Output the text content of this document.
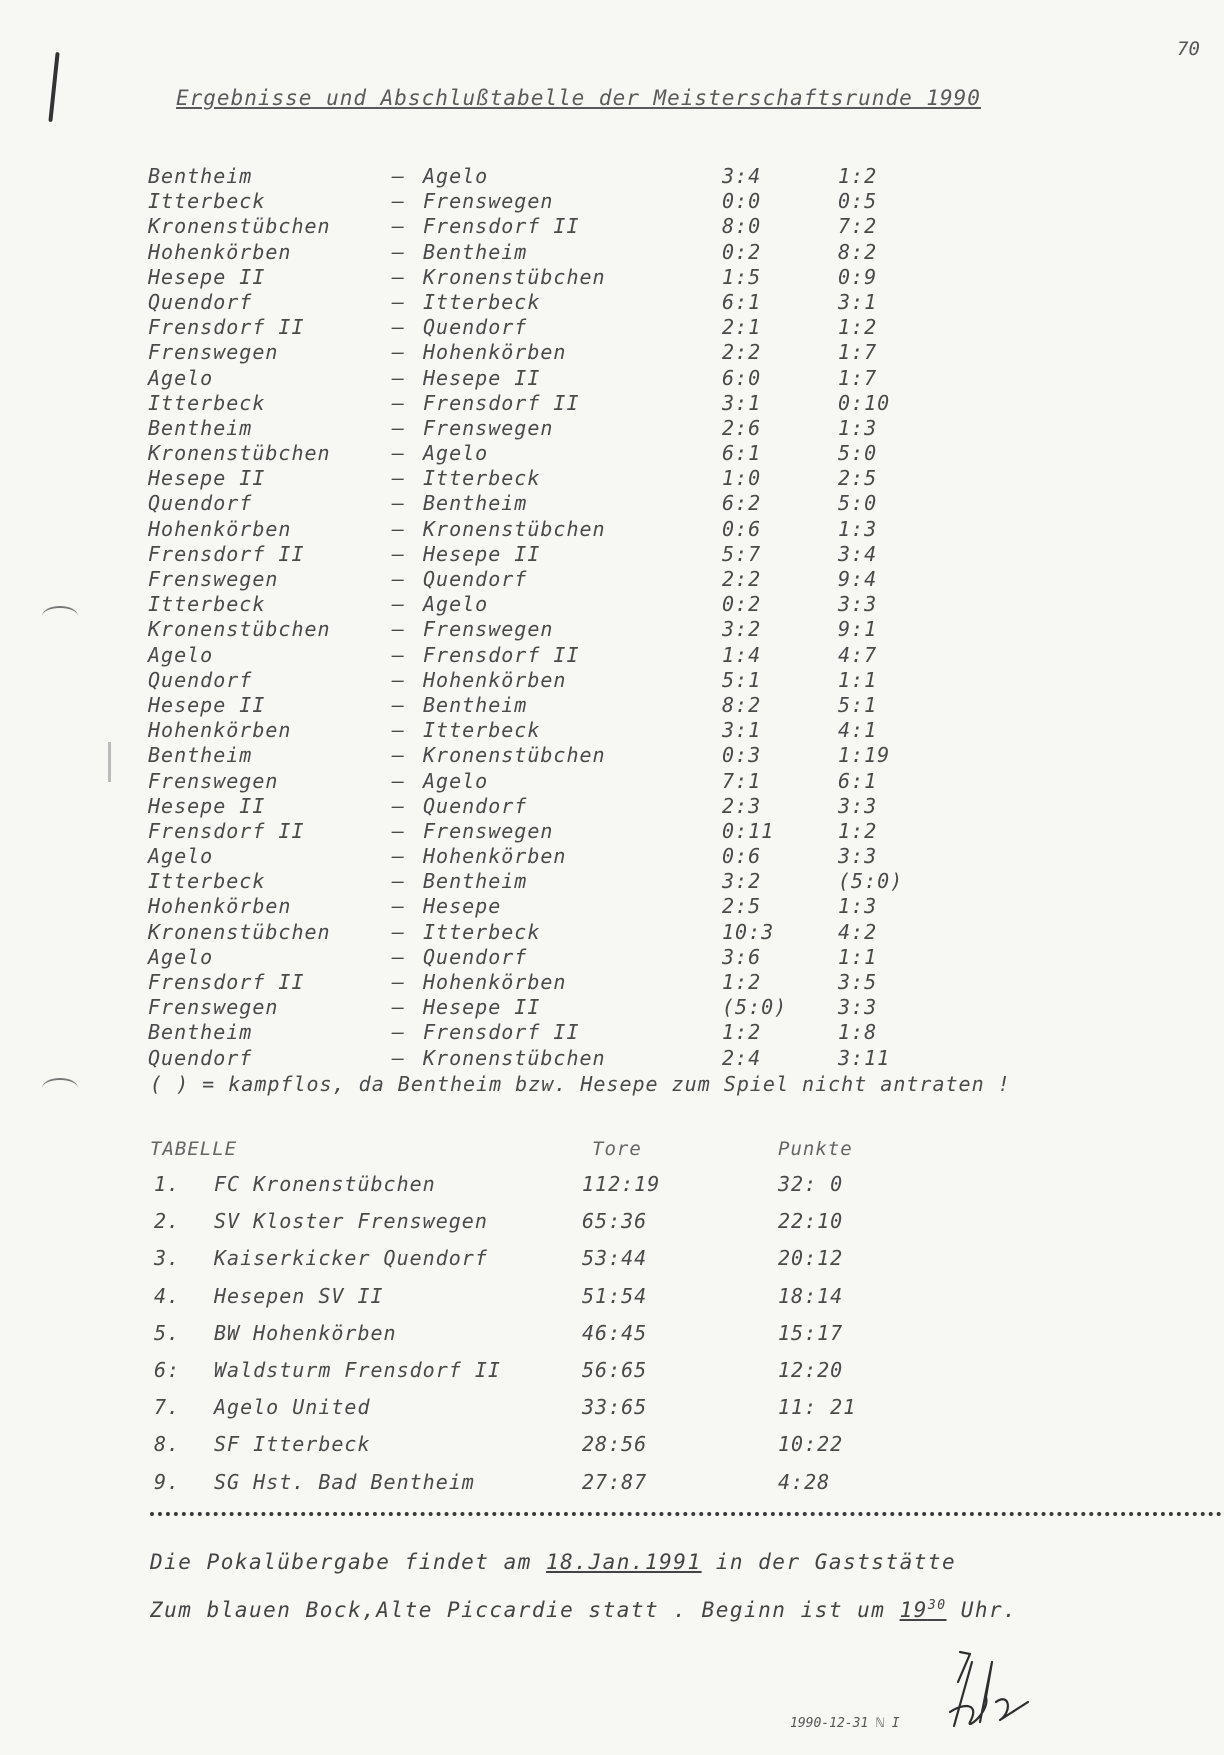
70
Ergebnisse und Abschlußtabelle der Meisterschaftsrunde 1990
Bentheim	– Agelo	3:4	1:2
Itterbeck	– Frenswegen	0:0	0:5
Kronenstübchen	– Frensdorf II	8:0	7:2
Hohenkörben	– Bentheim	0:2	8:2
Hesepe II	– Kronenstübchen	1:5	0:9
Quendorf	– Itterbeck	6:1	3:1
Frensdorf II	– Quendorf	2:1	1:2
Frenswegen	– Hohenkörben	2:2	1:7
Agelo	– Hesepe II	6:0	1:7
Itterbeck	– Frensdorf II	3:1	0:10
Bentheim	– Frenswegen	2:6	1:3
Kronenstübchen	– Agelo	6:1	5:0
Hesepe II	– Itterbeck	1:0	2:5
Quendorf	– Bentheim	6:2	5:0
Hohenkörben	– Kronenstübchen	0:6	1:3
Frensdorf II	– Hesepe II	5:7	3:4
Frenswegen	– Quendorf	2:2	9:4
Itterbeck	– Agelo	0:2	3:3
Kronenstübchen	– Frenswegen	3:2	9:1
Agelo	– Frensdorf II	1:4	4:7
Quendorf	– Hohenkörben	5:1	1:1
Hesepe II	– Bentheim	8:2	5:1
Hohenkörben	– Itterbeck	3:1	4:1
Bentheim	– Kronenstübchen	0:3	1:19
Frenswegen	– Agelo	7:1	6:1
Hesepe II	– Quendorf	2:3	3:3
Frensdorf II	– Frenswegen	0:11	1:2
Agelo	– Hohenkörben	0:6	3:3
Itterbeck	– Bentheim	3:2	(5:0)
Hohenkörben	– Hesepe	2:5	1:3
Kronenstübchen	– Itterbeck	10:3	4:2
Agelo	– Quendorf	3:6	1:1
Frensdorf II	– Hohenkörben	1:2	3:5
Frenswegen	– Hesepe II	(5:0)	3:3
Bentheim	– Frensdorf II	1:2	1:8
Quendorf	– Kronenstübchen	2:4	3:11
( ) = kampflos, da Bentheim bzw. Hesepe zum Spiel nicht antraten !
TABELLE	Tore	Punkte
1. FC Kronenstübchen	112:19	32: 0
2. SV Kloster Frenswegen	65:36	22:10
3. Kaiserkicker Quendorf	53:44	20:12
4. Hesepen SV II	51:54	18:14
5. BW Hohenkörben	46:45	15:17
6: Waldsturm Frensdorf II	56:65	12:20
7. Agelo United	33:65	11: 21
8. SF Itterbeck	28:56	10:22
9. SG Hst. Bad Bentheim	27:87	4:28
Die Pokalübergabe findet am 18.Jan.1991 in der Gaststätte
Zum blauen Bock,Alte Piccardie statt . Beginn ist um $19^{30}$ Uhr.
1990-12-31 ℕ I
